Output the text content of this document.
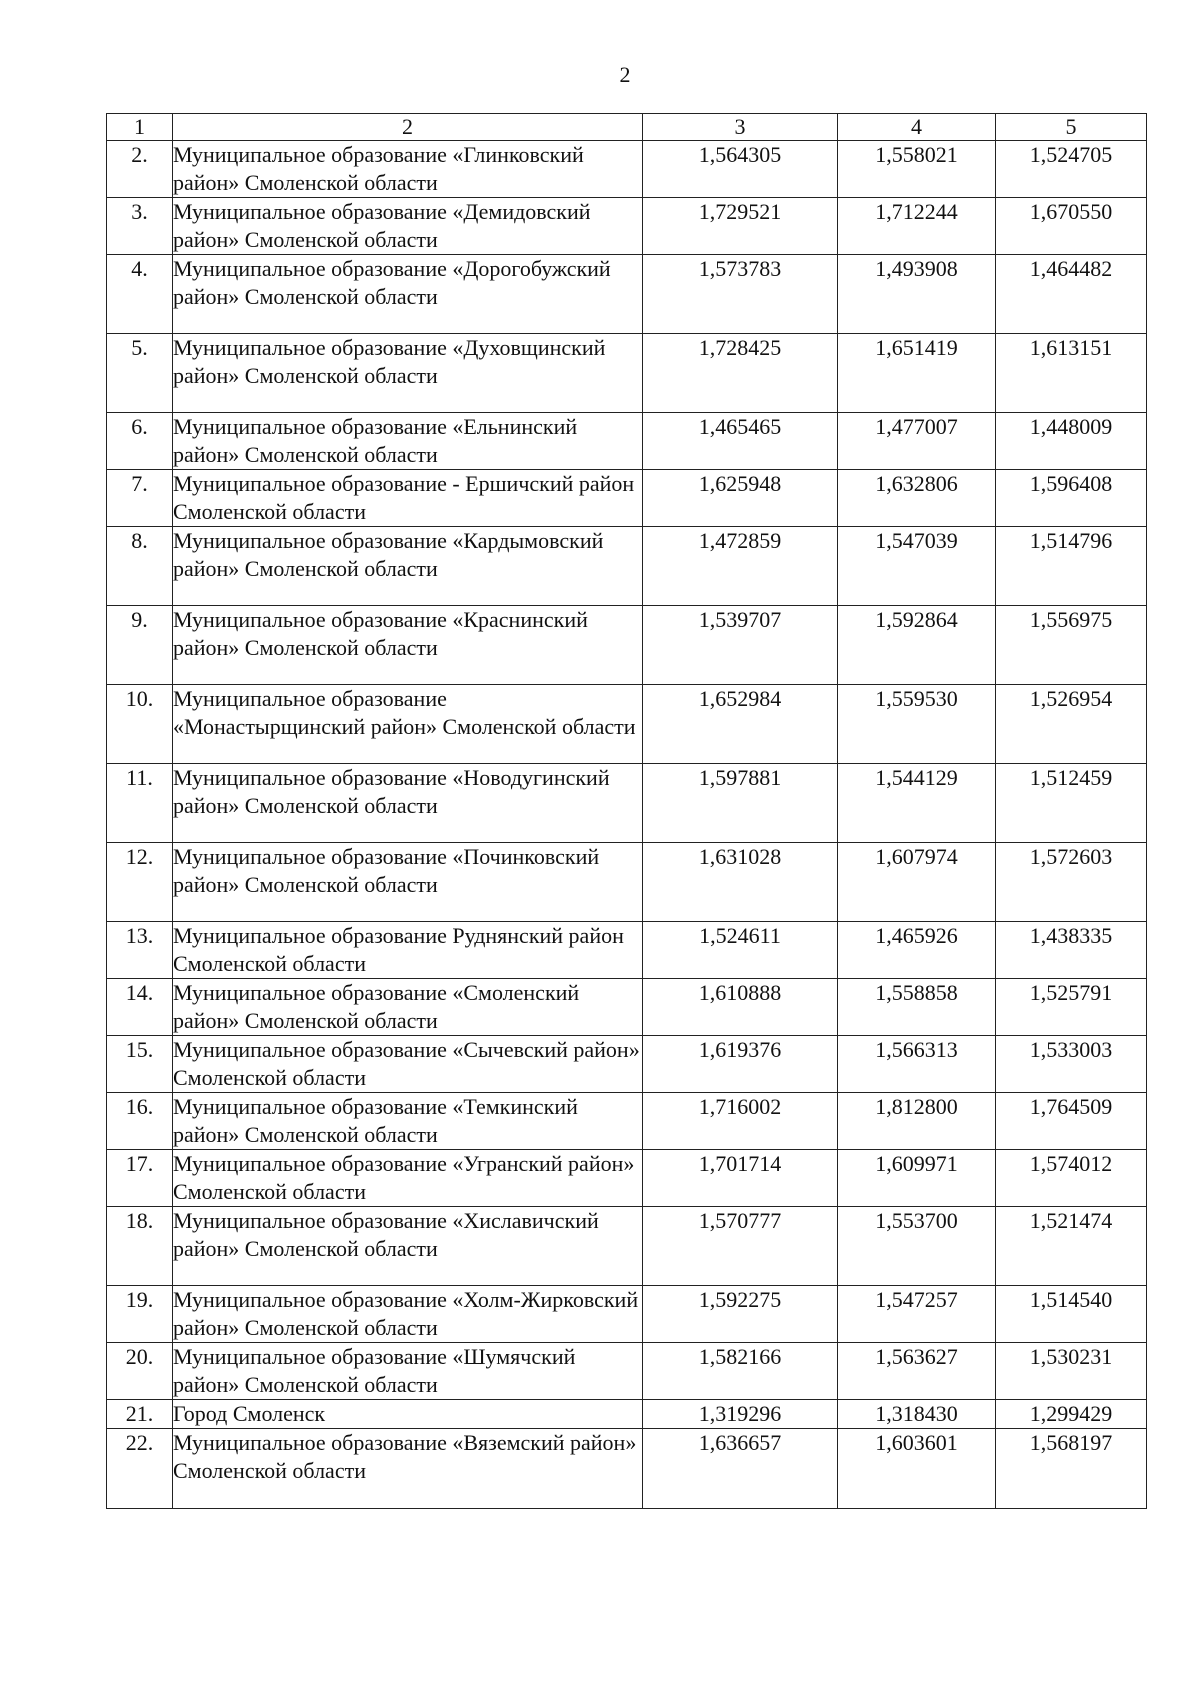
2
1	2	3	4	5
2.	Муниципальное образование «Глинковский район» Смоленской области	1,564305	1,558021	1,524705
3.	Муниципальное образование «Демидовский район» Смоленской области	1,729521	1,712244	1,670550
4.	Муниципальное образование «Дорогобужский район» Смоленской области	1,573783	1,493908	1,464482
5.	Муниципальное образование «Духовщинский район» Смоленской области	1,728425	1,651419	1,613151
6.	Муниципальное образование «Ельнинский район» Смоленской области	1,465465	1,477007	1,448009
7.	Муниципальное образование - Ершичский район Смоленской области	1,625948	1,632806	1,596408
8.	Муниципальное образование «Кардымовский район» Смоленской области	1,472859	1,547039	1,514796
9.	Муниципальное образование «Краснинский район» Смоленской области	1,539707	1,592864	1,556975
10.	Муниципальное образование «Монастырщинский район» Смоленской области	1,652984	1,559530	1,526954
11.	Муниципальное образование «Новодугинский район» Смоленской области	1,597881	1,544129	1,512459
12.	Муниципальное образование «Починковский район» Смоленской области	1,631028	1,607974	1,572603
13.	Муниципальное образование Руднянский район Смоленской области	1,524611	1,465926	1,438335
14.	Муниципальное образование «Смоленский район» Смоленской области	1,610888	1,558858	1,525791
15.	Муниципальное образование «Сычевский район» Смоленской области	1,619376	1,566313	1,533003
16.	Муниципальное образование «Темкинский район» Смоленской области	1,716002	1,812800	1,764509
17.	Муниципальное образование «Угранский район» Смоленской области	1,701714	1,609971	1,574012
18.	Муниципальное образование «Хиславичский район» Смоленской области	1,570777	1,553700	1,521474
19.	Муниципальное образование «Холм-Жирковский район» Смоленской области	1,592275	1,547257	1,514540
20.	Муниципальное образование «Шумячский район» Смоленской области	1,582166	1,563627	1,530231
21.	Город Смоленск	1,319296	1,318430	1,299429
22.	Муниципальное образование «Вяземский район» Смоленской области	1,636657	1,603601	1,568197
